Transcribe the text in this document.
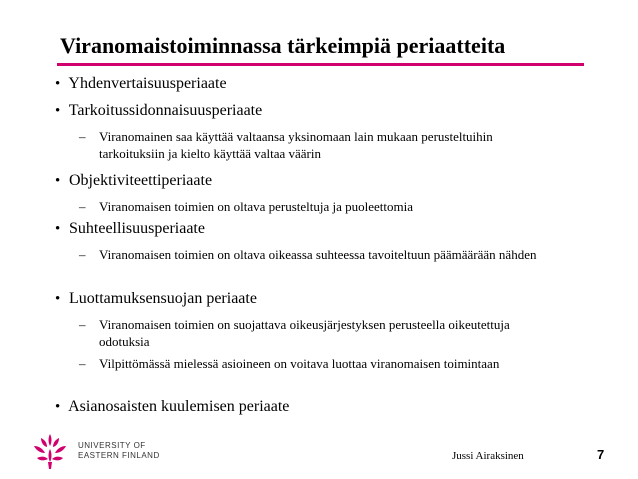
Viranomaistoiminnassa tärkeimpiä periaatteita
• Yhdenvertaisuusperiaate
• Tarkoitussidonnaisuusperiaate
–	Viranomainen saa käyttää valtaansa yksinomaan lain mukaan perusteltuihin tarkoituksiin ja kielto käyttää valtaa väärin
• Objektiviteettiperiaate
–	Viranomaisen toimien on oltava perusteltuja ja puoleettomia
• Suhteellisuusperiaate
–	Viranomaisen toimien on oltava oikeassa suhteessa tavoiteltuun päämäärään nähden
• Luottamuksensuojan periaate
–	Viranomaisen toimien on suojattava oikeusjärjestyksen perusteella oikeutettuja odotuksia
–	Vilpittömässä mielessä asioineen on voitava luottaa viranomaisen toimintaan
• Asianosaisten kuulemisen periaate
UNIVERSITY OF
EASTERN FINLAND	Jussi Airaksinen	7
